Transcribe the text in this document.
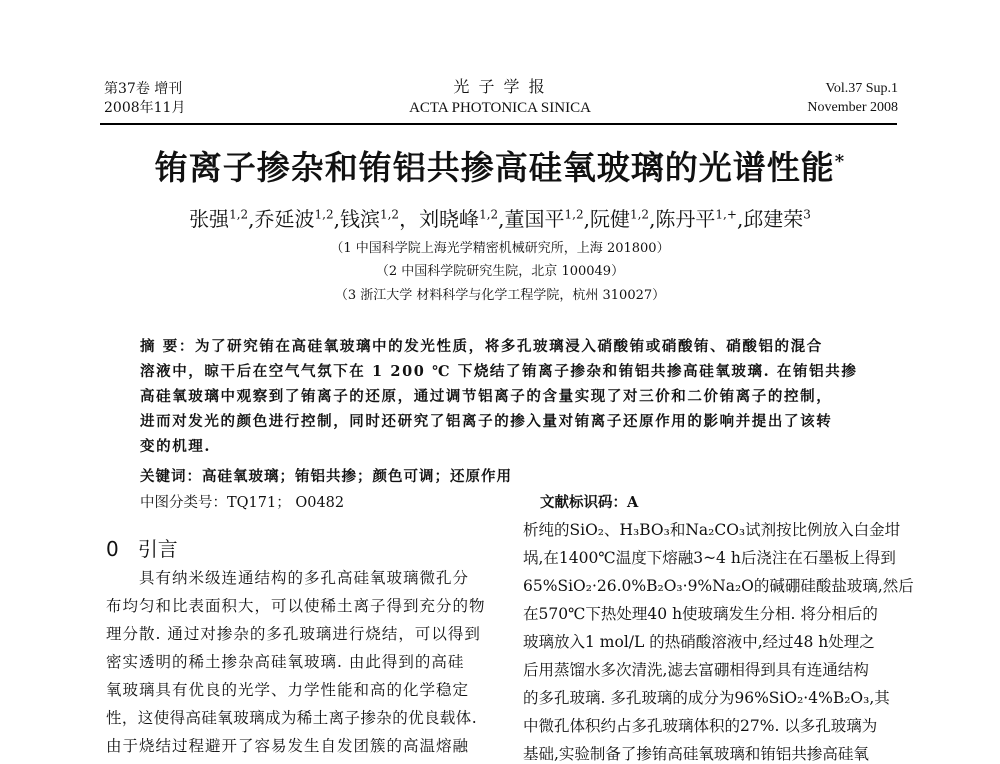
第37卷 增刊
2008年11月
光 子 学 报
ACTA PHOTONICA SINICA
Vol.37 Sup.1
November 2008
铕离子掺杂和铕铝共掺高硅氧玻璃的光谱性能*
张强$^{1,2}$,乔延波$^{1,2}$,钱滨$^{1,2}$，刘晓峰$^{1,2}$,董国平$^{1,2}$,阮健$^{1,2}$,陈丹平$^{1,+}$,邱建荣$^3$
（1 中国科学院上海光学精密机械研究所，上海 201800）
（2 中国科学院研究生院，北京 100049）
（3 浙江大学 材料科学与化学工程学院，杭州 310027）
摘 要：为了研究铕在高硅氧玻璃中的发光性质，将多孔玻璃浸入硝酸铕或硝酸铕、硝酸铝的混合
溶液中，晾干后在空气气氛下在 1 200 ℃ 下烧结了铕离子掺杂和铕铝共掺高硅氧玻璃. 在铕铝共掺
高硅氧玻璃中观察到了铕离子的还原，通过调节铝离子的含量实现了对三价和二价铕离子的控制，
进而对发光的颜色进行控制，同时还研究了铝离子的掺入量对铕离子还原作用的影响并提出了该转
变的机理.
关键词：高硅氧玻璃；铕铝共掺；颜色可调；还原作用
中图分类号：TQ171； O0482	文献标识码：A
0 引言
　　具有纳米级连通结构的多孔高硅氧玻璃微孔分
布均匀和比表面积大，可以使稀土离子得到充分的物
理分散. 通过对掺杂的多孔玻璃进行烧结，可以得到
密实透明的稀土掺杂高硅氧玻璃. 由此得到的高硅
氧玻璃具有优良的光学、力学性能和高的化学稳定
性，这使得高硅氧玻璃成为稀土离子掺杂的优良载体.
由于烧结过程避开了容易发生自发团簇的高温熔融
析纯的SiO₂、H₃BO₃和Na₂CO₃试剂按比例放入白金坩
埚,在1400℃温度下熔融3~4 h后浇注在石墨板上得到
65%SiO₂·26.0%B₂O₃·9%Na₂O的碱硼硅酸盐玻璃,然后
在570℃下热处理40 h使玻璃发生分相. 将分相后的
玻璃放入1 mol/L 的热硝酸溶液中,经过48 h处理之
后用蒸馏水多次清洗,滤去富硼相得到具有连通结构
的多孔玻璃. 多孔玻璃的成分为96%SiO₂·4%B₂O₃,其
中微孔体积约占多孔玻璃体积的27%. 以多孔玻璃为
基础,实验制备了掺铕高硅氧玻璃和铕铝共掺高硅氧
